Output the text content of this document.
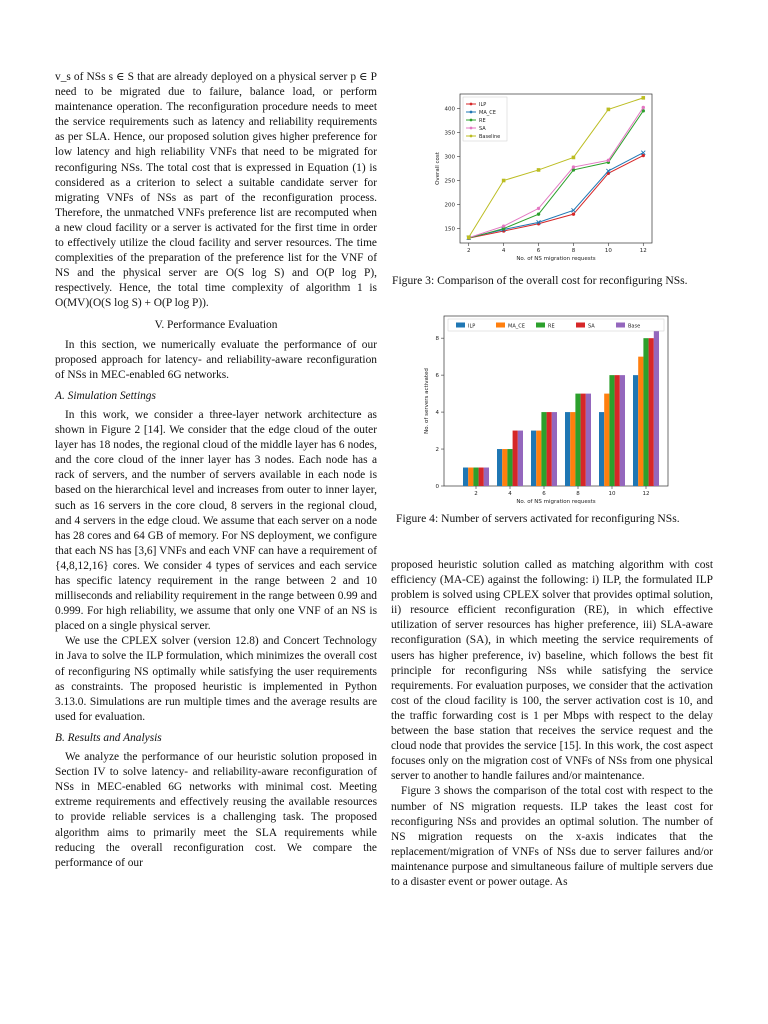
v_s of NSs s ∈ S that are already deployed on a physical server p ∈ P need to be migrated due to failure, balance load, or perform maintenance operation. The reconfiguration procedure needs to meet the service requirements such as latency and reliability requirements as per SLA. Hence, our proposed solution gives higher preference for low latency and high reliability VNFs that need to be migrated for reconfiguring NSs. The total cost that is expressed in Equation (1) is considered as a criterion to select a suitable candidate server for migrating VNFs of NSs as part of the reconfiguration process. Therefore, the unmatched VNFs preference list are recomputed when a new cloud facility or a server is activated for the first time in order to effectively utilize the cloud facility and server resources. The time complexities of the preparation of the preference list for the VNF of NS and the physical server are O(S log S) and O(P log P), respectively. Hence, the total time complexity of algorithm 1 is O(MV)(O(S log S) + O(P log P)).

V. Performance Evaluation

In this section, we numerically evaluate the performance of our proposed approach for latency- and reliability-aware reconfiguration of NSs in MEC-enabled 6G networks.

A. Simulation Settings

In this work, we consider a three-layer network architecture as shown in Figure 2 [14]. We consider that the edge cloud of the outer layer has 18 nodes, the regional cloud of the middle layer has 6 nodes, and the core cloud of the inner layer has 3 nodes. Each node has a rack of servers, and the number of servers available in each node is based on the hierarchical level and increases from outer to inner layer, such as 16 servers in the core cloud, 8 servers in the regional cloud, and 4 servers in the edge cloud. We assume that each server on a node has 28 cores and 64 GB of memory. For NS deployment, we configure that each NS has [3,6] VNFs and each VNF can have a requirement of {4,8,12,16} cores. We consider 4 types of services and each service has specific latency requirement in the range between 2 and 10 milliseconds and reliability requirement in the range between 0.99 and 0.999. For high reliability, we assume that only one VNF of an NS is placed on a single physical server.

We use the CPLEX solver (version 12.8) and Concert Technology in Java to solve the ILP formulation, which minimizes the overall cost of reconfiguring NS optimally while satisfying the user requirements as constraints. The proposed heuristic is implemented in Python 3.13.0. Simulations are run multiple times and the average results are used for evaluation.

B. Results and Analysis

We analyze the performance of our heuristic solution proposed in Section IV to solve latency- and reliability-aware reconfiguration of NSs in MEC-enabled 6G networks with minimal cost. Meeting extreme requirements and effectively reusing the available resources to provide reliable services is a challenging task. The proposed algorithm aims to primarily meet the SLA requirements while reducing the overall reconfiguration cost. We compare the performance of our

2	4	6	8	10	12
150
200
250
300
350
400
No. of NS migration requests
Overall cost
ILP
MA_CE
RE
SA
Baseline
Figure 3: Comparison of the overall cost for reconfiguring NSs.
2	4	6	8	10	12
0
2
4
6
8
No. of NS migration requests
No. of servers activated
ILP	MA_CE	RE	SA	Base
Figure 4: Number of servers activated for reconfiguring NSs.

proposed heuristic solution called as matching algorithm with cost efficiency (MA-CE) against the following: i) ILP, the formulated ILP problem is solved using CPLEX solver that provides optimal solution, ii) resource efficient reconfiguration (RE), in which effective utilization of server resources has higher preference, iii) SLA-aware reconfiguration (SA), in which meeting the service requirements of users has higher preference, iv) baseline, which follows the best fit principle for reconfiguring NSs while satisfying the service requirements. For evaluation purposes, we consider that the activation cost of the cloud facility is 100, the server activation cost is 10, and the traffic forwarding cost is 1 per Mbps with respect to the delay between the base station that receives the service request and the cloud node that provides the service [15]. In this work, the cost aspect focuses only on the migration cost of VNFs of NSs from one physical server to another to handle failures and/or maintenance.

Figure 3 shows the comparison of the total cost with respect to the number of NS migration requests. ILP takes the least cost for reconfiguring NSs and provides an optimal solution. The number of NS migration requests on the x-axis indicates that the replacement/migration of VNFs of NSs due to server failures and/or maintenance purpose and simultaneous failure of multiple servers due to a disaster event or power outage. As
